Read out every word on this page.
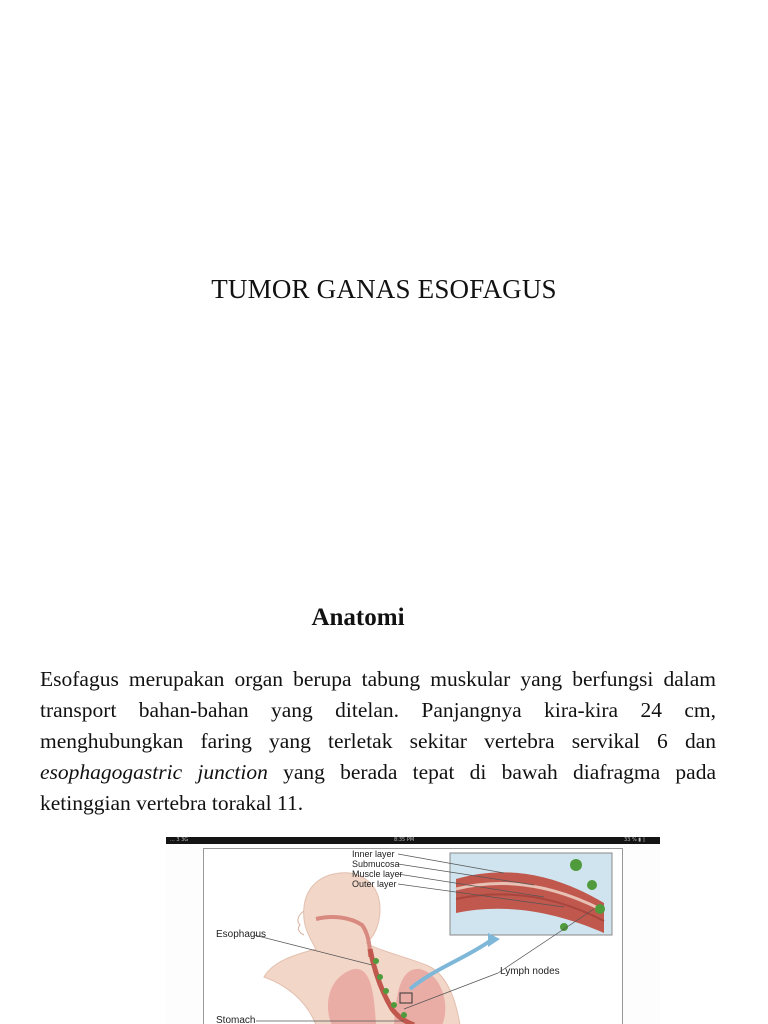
TUMOR GANAS ESOFAGUS
Anatomi
Esofagus merupakan organ berupa tabung muskular yang berfungsi dalam transport bahan-bahan yang ditelan. Panjangnya kira-kira 24 cm, menghubungkan faring yang terletak sekitar vertebra servikal 6 dan esophagogastric junction yang berada tepat di bawah diafragma pada ketinggian vertebra torakal 11.
... 3 3G	8:35 PM	33 % ▮ ▯
Inner layer
Submucosa
Muscle layer
Outer layer
Esophagus
Lymph nodes
Stomach
